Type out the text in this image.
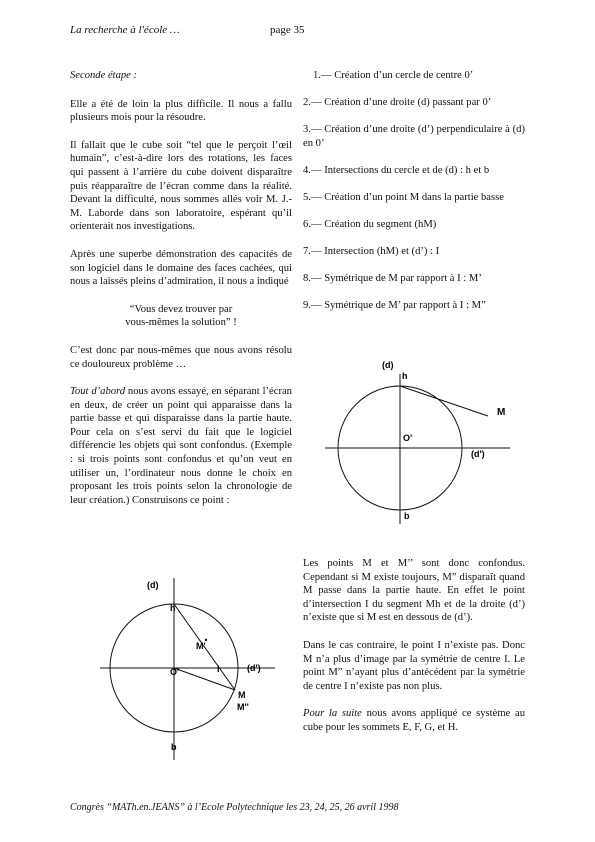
La recherche à l'école …	page 35

Seconde étape :

Elle a été de loin la plus difficile. Il nous a fallu plusieurs mois pour la résoudre.

Il fallait que le cube soit “tel que le perçoit l’œil humain”, c’est-à-dire lors des rotations, les faces qui passent à l’arrière du cube doivent disparaître puis réapparaître de l’écran comme dans la réalité. Devant la difficulté, nous sommes allés voir M. J.-M. Laborde dans son laboratoire, espérant qu’il orienterait nos investigations.

Après une superbe démonstration des capacités de son logiciel dans le domaine des faces cachées, qui nous a laissés pleins d’admiration, il nous a indiqué

“Vous devez trouver par
vous-mêmes la solution” !

C’est donc par nous-mêmes que nous avons résolu ce douloureux problème …

Tout d’abord nous avons essayé, en séparant l’écran en deux, de créer un point qui apparaisse dans la partie basse et qui disparaisse dans la partie haute. Pour cela on s’est servi du fait que le logiciel différencie les objets qui sont confondus. (Exemple : si trois points sont confondus et qu’on veut en utiliser un, l’ordinateur nous donne le choix en proposant les trois points selon la chronologie de leur création.) Construisons ce point :

(d)
h
O'
M'
I	(d')
M
M''
b
1.— Création d’un cercle de centre 0’
2.— Création d’une droite (d) passant par 0’
3.— Création d’une droite (d’) perpendiculaire à (d) en 0’
4.— Intersections du cercle et de (d) : h et b
5.— Création d’un point M dans la partie basse
6.— Création du segment (hM)
7.— Intersection (hM) et (d’) : I
8.— Symétrique de M par rapport à I : M’
9.— Symétrique de M’ par rapport à I : M”
(d)
h
M
O'
(d')
b

Les points M et M’’ sont donc confondus. Cependant si M existe toujours, M” disparaît quand M passe dans la partie haute. En effet le point d’intersection I du segment Mh et de la droite (d’) n’existe que si M est en dessous de (d’).

Dans le cas contraire, le point I n’existe pas. Donc M n’a plus d’image par la symétrie de centre I. Le point M” n’ayant plus d’antécédent par la symétrie de centre I n’existe pas non plus.

Pour la suite nous avons appliqué ce système au cube pour les sommets E, F, G, et H.

Congrès “MATh.en.JEANS” à l’Ecole Polytechnique les 23, 24, 25, 26 avril 1998
